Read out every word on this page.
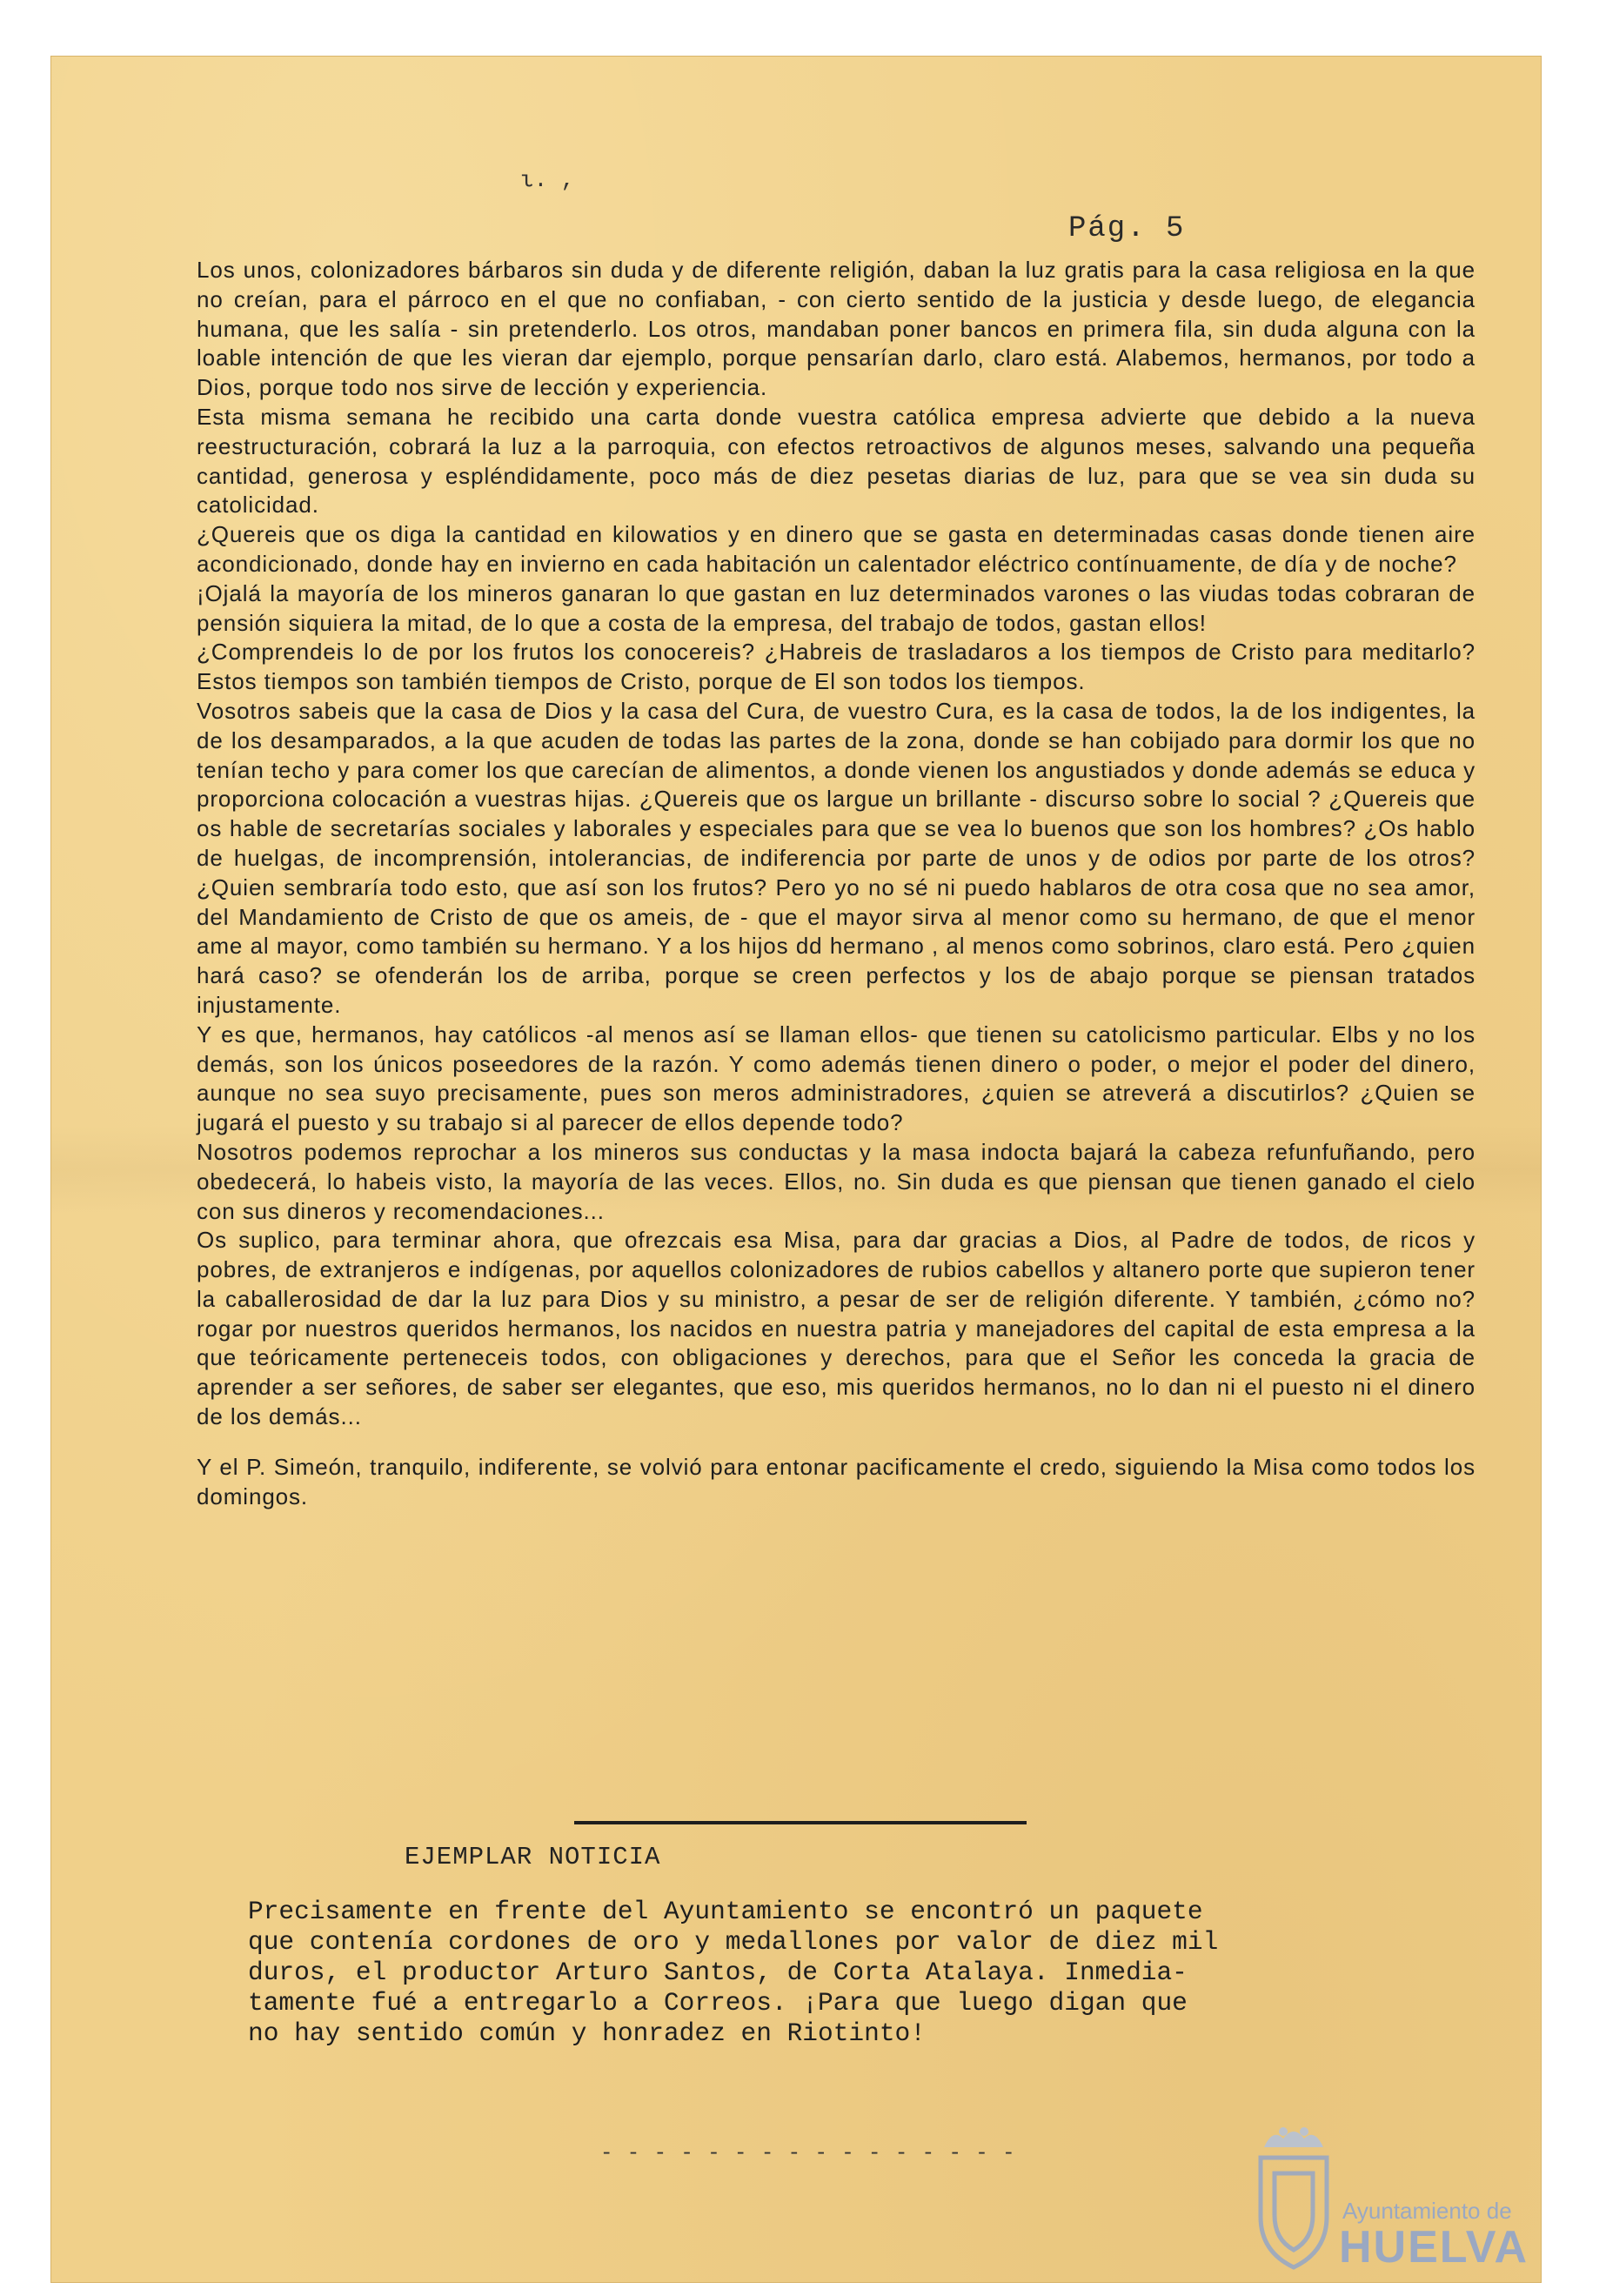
ι. ,
Pág. 5

Los unos, colonizadores bárbaros sin duda y de diferente religión, daban la luz gratis para la casa religiosa en la que no creían, para el párroco en el que no confiaban, - con cierto sentido de la justicia y desde luego, de elegancia humana, que les salía - sin pretenderlo. Los otros, mandaban poner bancos en primera fila, sin duda alguna con la loable intención de que les vieran dar ejemplo, porque pensarían darlo, claro está. Alabemos, hermanos, por todo a Dios, porque todo nos sirve de lección y experiencia.

Esta misma semana he recibido una carta donde vuestra católica empresa advierte que debido a la nueva reestructuración, cobrará la luz a la parroquia, con efectos retroactivos de algunos meses, salvando una pequeña cantidad, generosa y espléndidamente, poco más de diez pesetas diarias de luz, para que se vea sin duda su catolicidad.

¿Quereis que os diga la cantidad en kilowatios y en dinero que se gasta en determinadas casas donde tienen aire acondicionado, donde hay en invierno en cada habitación un calentador eléctrico contínuamente, de día y de noche?

¡Ojalá la mayoría de los mineros ganaran lo que gastan en luz determinados varones o las viudas todas cobraran de pensión siquiera la mitad, de lo que a costa de la empresa, del trabajo de todos, gastan ellos!

¿Comprendeis lo de por los frutos los conocereis? ¿Habreis de trasladaros a los tiempos de Cristo para meditarlo? Estos tiempos son también tiempos de Cristo, porque de El son todos los tiempos.

Vosotros sabeis que la casa de Dios y la casa del Cura, de vuestro Cura, es la casa de todos, la de los indigentes, la de los desamparados, a la que acuden de todas las partes de la zona, donde se han cobijado para dormir los que no tenían techo y para comer los que carecían de alimentos, a donde vienen los angustiados y donde además se educa y proporciona colocación a vuestras hijas. ¿Quereis que os largue un brillante - discurso sobre lo social ? ¿Quereis que os hable de secretarías sociales y laborales y especiales para que se vea lo buenos que son los hombres? ¿Os hablo de huelgas, de incomprensión, intolerancias, de indiferencia por parte de unos y de odios por parte de los otros? ¿Quien sembraría todo esto, que así son los frutos? Pero yo no sé ni puedo hablaros de otra cosa que no sea amor, del Mandamiento de Cristo de que os ameis, de - que el mayor sirva al menor como su hermano, de que el menor ame al mayor, como también su hermano. Y a los hijos dd hermano , al menos como sobrinos, claro está. Pero ¿quien hará caso? se ofenderán los de arriba, porque se creen perfectos y los de abajo porque se piensan tratados injustamente.

Y es que, hermanos, hay católicos -al menos así se llaman ellos- que tienen su catolicismo particular. Elbs y no los demás, son los únicos poseedores de la razón. Y como además tienen dinero o poder, o mejor el poder del dinero, aunque no sea suyo precisamente, pues son meros administradores, ¿quien se atreverá a discutirlos? ¿Quien se jugará el puesto y su trabajo si al parecer de ellos depende todo?

Nosotros podemos reprochar a los mineros sus conductas y la masa indocta bajará la cabeza refunfuñando, pero obedecerá, lo habeis visto, la mayoría de las veces. Ellos, no. Sin duda es que piensan que tienen ganado el cielo con sus dineros y recomendaciones...

Os suplico, para terminar ahora, que ofrezcais esa Misa, para dar gracias a Dios, al Padre de todos, de ricos y pobres, de extranjeros e indígenas, por aquellos colonizadores de rubios cabellos y altanero porte que supieron tener la caballerosidad de dar la luz para Dios y su ministro, a pesar de ser de religión diferente. Y también, ¿cómo no? rogar por nuestros queridos hermanos, los nacidos en nuestra patria y manejadores del capital de esta empresa a la que teóricamente perteneceis todos, con obligaciones y derechos, para que el Señor les conceda la gracia de aprender a ser señores, de saber ser elegantes, que eso, mis queridos hermanos, no lo dan ni el puesto ni el dinero de los demás...

Y el P. Simeón, tranquilo, indiferente, se volvió para entonar pacificamente el credo, siguiendo la Misa como todos los domingos.

EJEMPLAR NOTICIA

Precisamente en frente del Ayuntamiento se encontró un paquete
que contenía cordones de oro y medallones por valor de diez mil
duros, el productor Arturo Santos, de Corta Atalaya. Inmedia-
tamente fué a entregarlo a Correos. ¡Para que luego digan que
no hay sentido común y honradez en Riotinto!

- - - - - - - - - - - - - - - -
Ayuntamiento de
HUELVA
